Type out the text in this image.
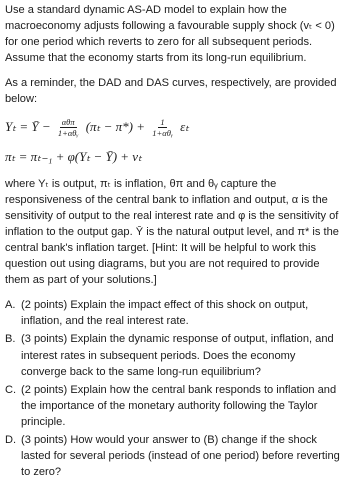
Use a standard dynamic AS-AD model to explain how the macroeconomy adjusts following a favourable supply shock (vₜ < 0) for one period which reverts to zero for all subsequent periods. Assume that the economy starts from its long-run equilibrium.

As a reminder, the DAD and DAS curves, respectively, are provided below:

Yₜ = Ȳ − $\frac{\text{αθπ}}{\text{1+αθᵧ}} (\pi_t - \pi*) + \frac{1}{\text{1+αθᵧ}}$ εₜ
πₜ = πₜ₋₁ + φ(Yₜ − Ȳ) + vₜ

where Yₜ is output, πₜ is inflation, θπ and θᵧ capture the responsiveness of the central bank to inflation and output, α is the sensitivity of output to the real interest rate and φ is the sensitivity of inflation to the output gap. Ȳ is the natural output level, and π* is the central bank's inflation target. [Hint: It will be helpful to work this question out using diagrams, but you are not required to provide them as part of your solutions.]

A. (2 points) Explain the impact effect of this shock on output, inflation, and the real interest rate.
B. (3 points) Explain the dynamic response of output, inflation, and interest rates in subsequent periods. Does the economy converge back to the same long-run equilibrium?
C. (2 points) Explain how the central bank responds to inflation and the importance of the monetary authority following the Taylor principle.
D. (3 points) How would your answer to (B) change if the shock lasted for several periods (instead of one period) before reverting to zero?
